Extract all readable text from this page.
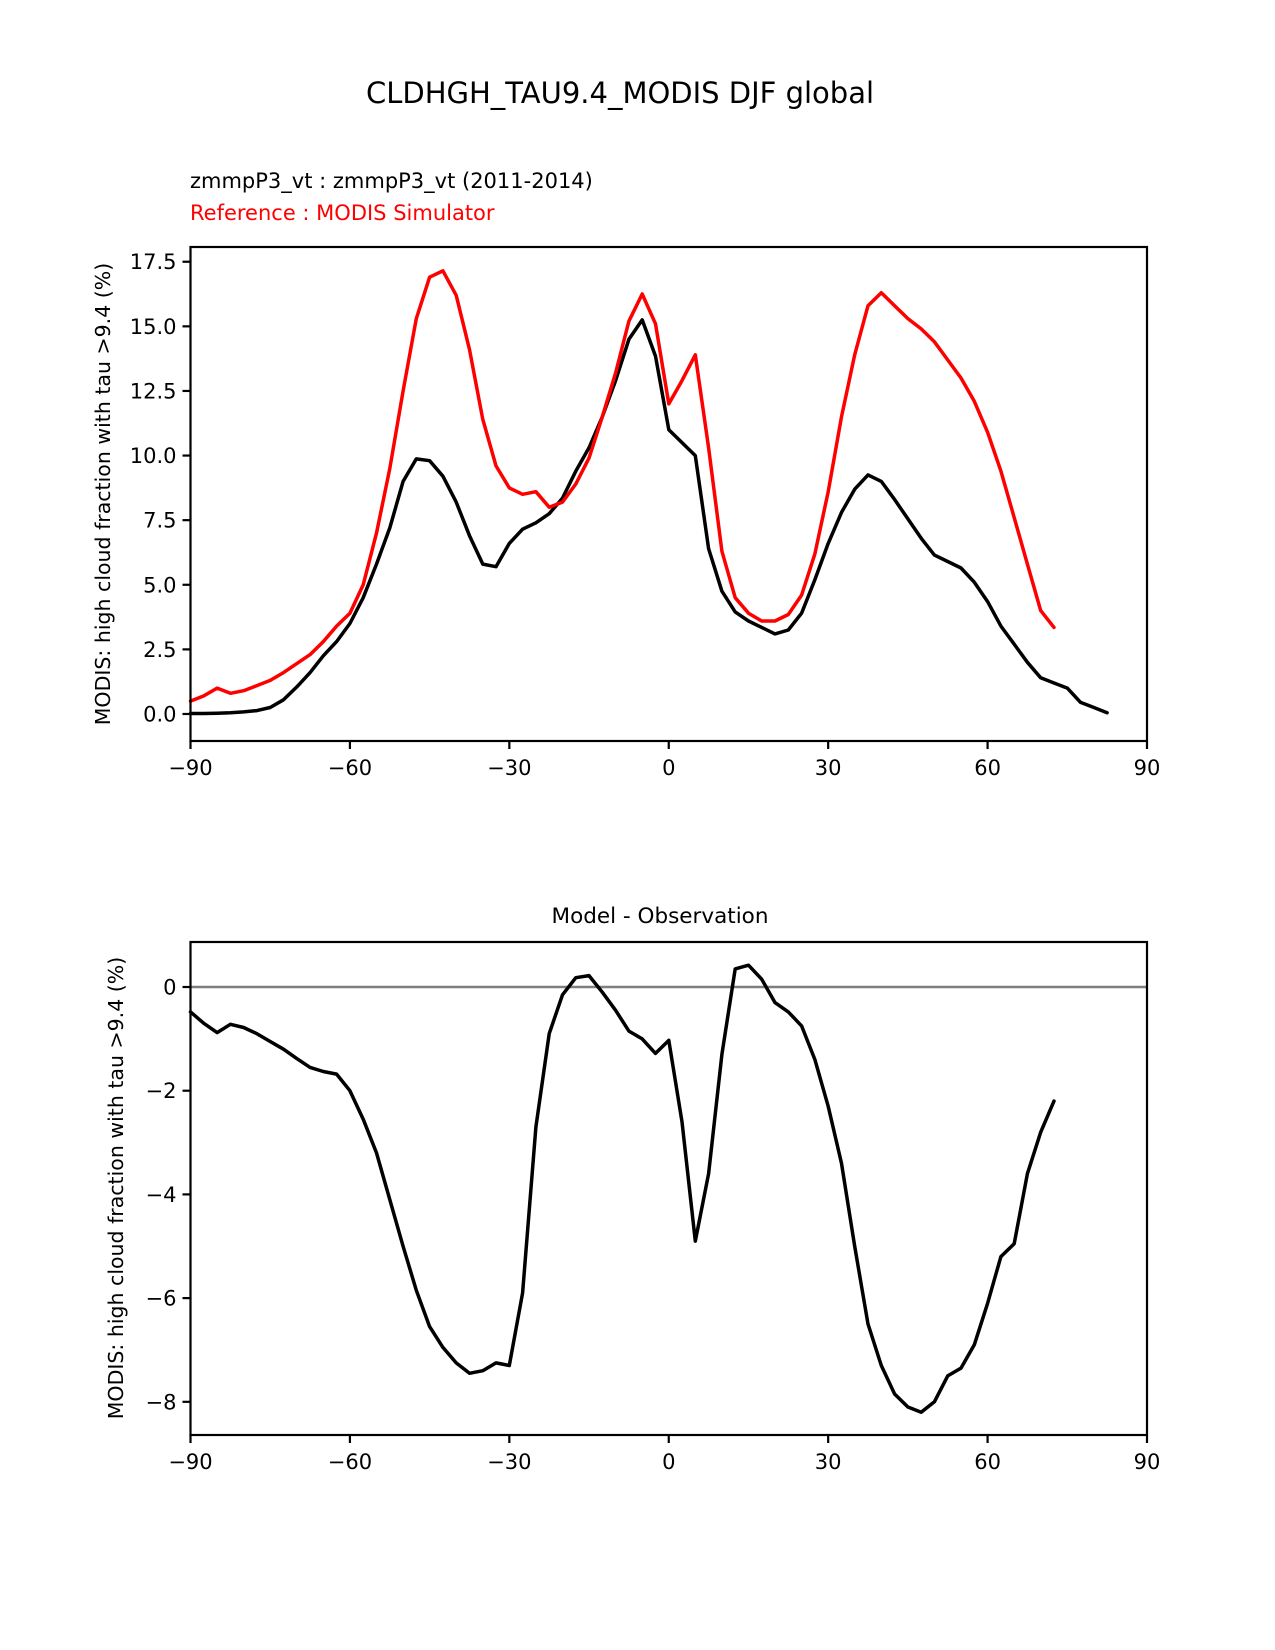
CLDHGH_TAU9.4_MODIS DJF global
zmmpP3_vt : zmmpP3_vt (2011-2014)
Reference : MODIS Simulator
MODIS: high cloud fraction with tau >9.4 (%)
Model - Observation
MODIS: high cloud fraction with tau >9.4 (%)
−90	−60	−30	0	30	60	90
0.0
2.5
5.0
7.5
10.0
12.5
15.0
17.5
−90	−60	−30	0	30	60	90
0
−2
−4
−6
−8
